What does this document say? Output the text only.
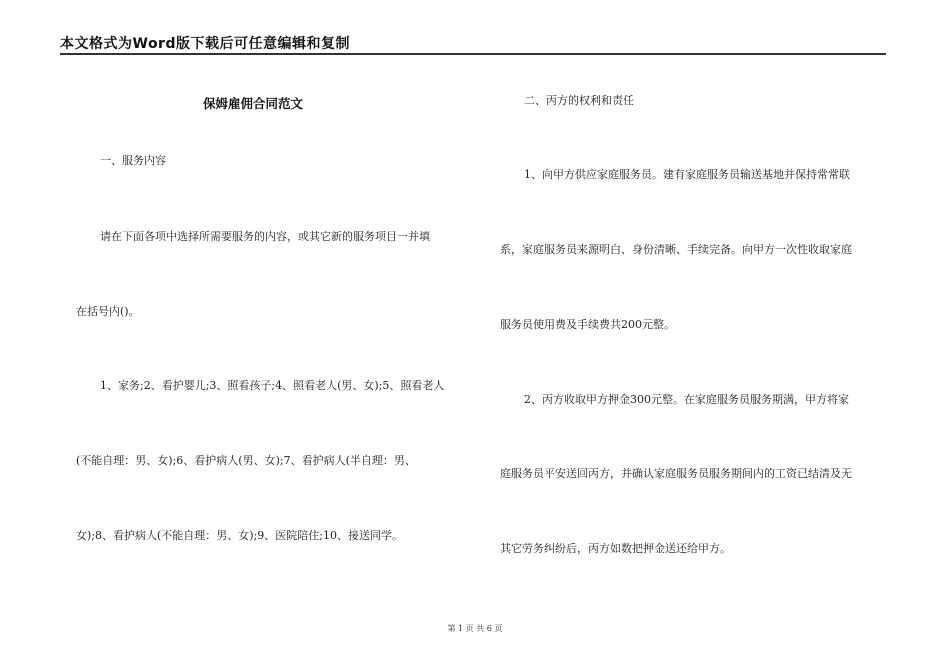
本文格式为Word版下载后可任意编辑和复制
保姆雇佣合同范文
一、服务内容
请在下面各项中选择所需要服务的内容，或其它新的服务项目一并填
在括号内()。
1、家务;2、看护婴儿;3、照看孩子;4、照看老人(男、女);5、照看老人
(不能自理：男、女);6、看护病人(男、女);7、看护病人(半自理：男、
女);8、看护病人(不能自理：男、女);9、医院陪住;10、接送同学。
二、丙方的权利和责任
1、向甲方供应家庭服务员。建有家庭服务员输送基地并保持常常联
系，家庭服务员来源明白、身份清晰、手续完备。向甲方一次性收取家庭
服务员使用费及手续费共200元整。
2、丙方收取甲方押金300元整。在家庭服务员服务期满，甲方将家
庭服务员平安送回丙方，并确认家庭服务员服务期间内的工资已结清及无
其它劳务纠纷后，丙方如数把押金送还给甲方。
第 1 页 共 6 页
